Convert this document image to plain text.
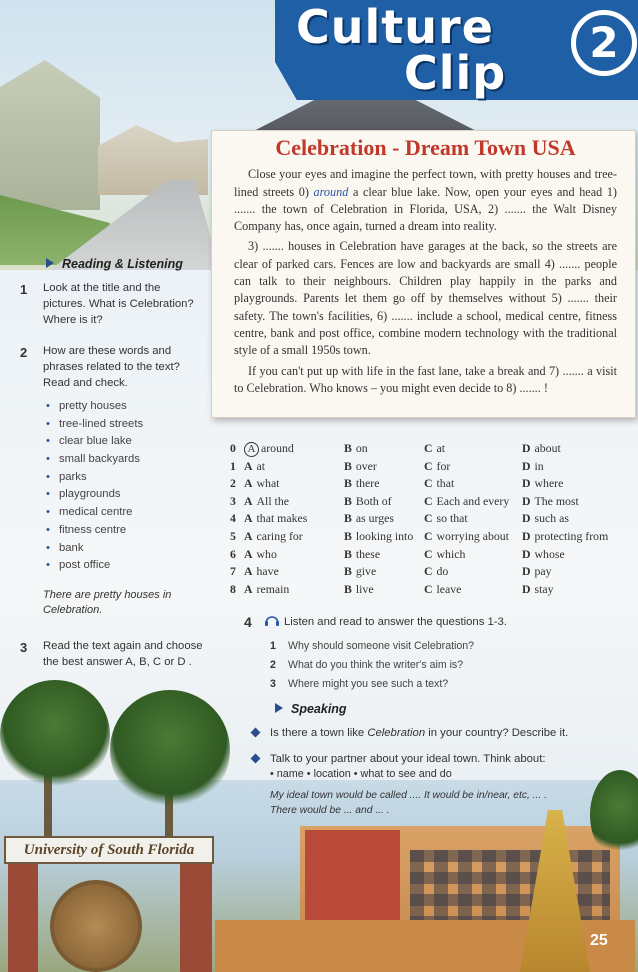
University of South Florida
Culture
Clip
2
Celebration - Dream Town USA

Close your eyes and imagine the perfect town, with pretty houses and tree-lined streets 0) around a clear blue lake. Now, open your eyes and head 1) ....... the town of Celebration in Florida, USA, 2) ....... the Walt Disney Company has, once again, turned a dream into reality.

3) ....... houses in Celebration have garages at the back, so the streets are clear of parked cars. Fences are low and backyards are small 4) ....... people can talk to their neighbours. Children play happily in the parks and playgrounds. Parents let them go off by themselves without 5) ....... their safety. The town's facilities, 6) ....... include a school, medical centre, fitness centre, bank and post office, combine modern technology with the traditional style of a small 1950s town.

If you can't put up with life in the fast lane, take a break and 7) ....... a visit to Celebration. Who knows – you might even decide to 8) ....... !

Reading & Listening
1 Look at the title and the pictures. What is Celebration? Where is it?
2 How are these words and phrases related to the text? Read and check.
• pretty houses
• tree-lined streets
• clear blue lake
• small backyards
• parks
• playgrounds
• medical centre
• fitness centre
• bank
• post office
There are pretty houses in Celebration.
3 Read the text again and choose the best answer A, B, C or D .
0	A around	B on	C at	D about
1 A at	B over	C for	D in
2 A what	B there	C that	D where
3 A All the	B Both of	C Each and every D The most
4 A that makes	B as urges	C so that	D such as
5 A caring for	B looking into C worrying about D protecting from
6 A who	B these	C which	D whose
7 A have	B give	C do	D pay
8 A remain	B live	C leave	D stay
4	Listen and read to answer the questions 1-3.
1 Why should someone visit Celebration?
2 What do you think the writer's aim is?
3 Where might you see such a text?
Speaking
Is there a town like Celebration in your country? Describe it.
Talk to your partner about your ideal town. Think about:
• name • location • what to see and do
My ideal town would be called .... It would be in/near, etc, ... .
There would be ... and ... .
25
